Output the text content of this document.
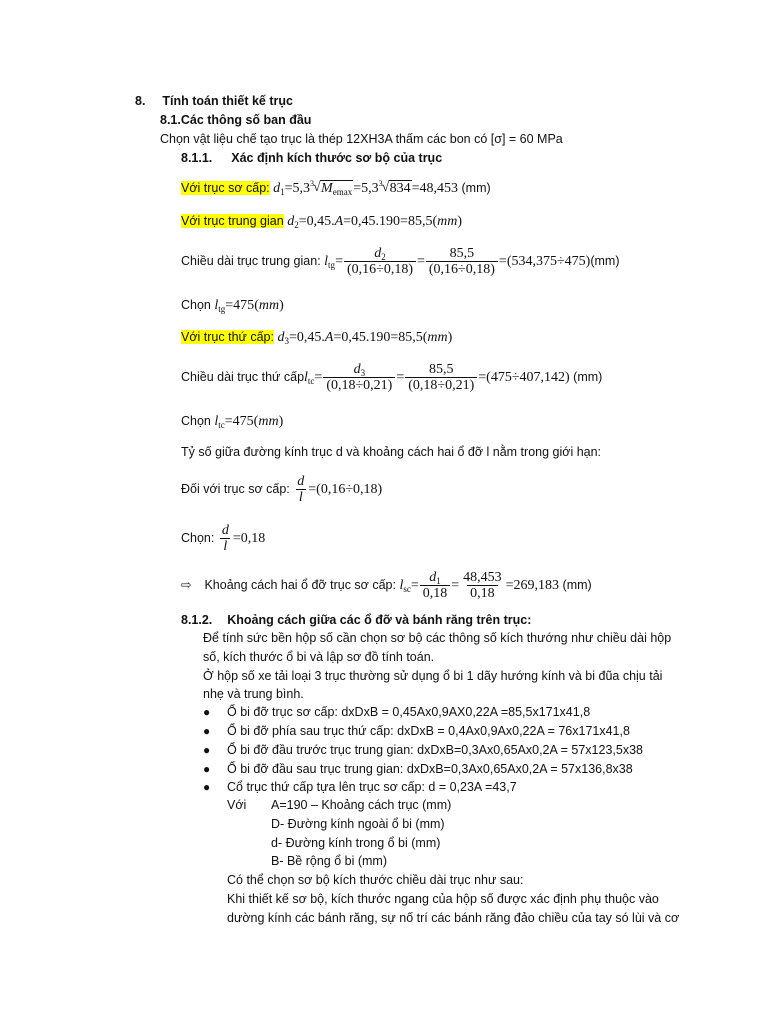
8. Tính toán thiết kế trục
8.1.Các thông số ban đầu
Chọn vật liệu chế tạo trục là thép 12XH3A thấm các bon có [σ] = 60 MPa
8.1.1. Xác định kích thước sơ bộ của trục
Với trục sơ cấp: $d_1=5,3$ 3 √ $M_{emax}=5,3$ 3 √ 834=48,453 (mm)
Với trục trung gian $d_2=0,45.A=0,45.190=85,5(mm)$
Chiều dài trục trung gian: $l_{tg}= \frac{d_2}{(0,16\div 0,18)} = \frac{85,5}{(0,16\div 0,18)} =(534,375\div 475)(mm)$
Chọn $l_{tg}=475(mm)$
Với trục thứ cấp: $d_3=0,45.A=0,45.190=85,5(mm)$
Chiều dài trục thứ cấpl$_{tc}$= $\frac{d_3}{(0,18\div 0,21)} = \frac{85,5}{(0,18\div 0,21)} =(475\div 407,142)$ (mm)
Chọn $l_{tc}=475(mm)$
Tỷ số giữa đường kính trục d và khoảng cách hai ổ đỡ l nằm trong giới hạn:
Đối với trục sơ cấp: $\frac{d}{l} =(0,16\div 0,18)$
Chọn: $\frac{d}{l} =0,18$
⇨ Khoảng cách hai ổ đỡ trục sơ cấp: $l_{sc}= \frac{d_1}{0,18} = \frac{48,453}{0,18} =269,183$ (mm)
8.1.2. Khoảng cách giữa các ổ đỡ và bánh răng trên trục:
Để tính sức bền hộp số cần chọn sơ bộ các thông số kích thướng như chiều dài hộp
số, kích thước ổ bi và lập sơ đồ tính toán.
Ở hộp số xe tải loại 3 trục thường sử dụng ổ bi 1 dãy hướng kính và bi đũa chịu tải
nhẹ và trung bình.
● Ổ bi đỡ trục sơ cấp: dxDxB = 0,45Ax0,9AX0,22A =85,5x171x41,8
● Ổ bi đỡ phía sau trục thứ cấp: dxDxB = 0,4Ax0,9Ax0,22A = 76x171x41,8
● Ổ bi đỡ đầu trước trục trung gian: dxDxB=0,3Ax0,65Ax0,2A = 57x123,5x38
● Ổ bi đỡ đầu sau trục trung gian: dxDxB=0,3Ax0,65Ax0,2A = 57x136,8x38
● Cổ trục thứ cấp tựa lên trục sơ cấp: d = 0,23A =43,7
Với A=190 – Khoảng cách trục (mm)
D- Đường kính ngoài ổ bi (mm)
d- Đường kính trong ổ bi (mm)
B- Bề rộng ổ bi (mm)
Có thể chọn sơ bộ kích thước chiều dài trục như sau:
Khi thiết kế sơ bộ, kích thước ngang của hộp số được xác định phụ thuộc vào
dường kính các bánh răng, sự nố trí các bánh răng đảo chiều của tay só lùi và cơ
